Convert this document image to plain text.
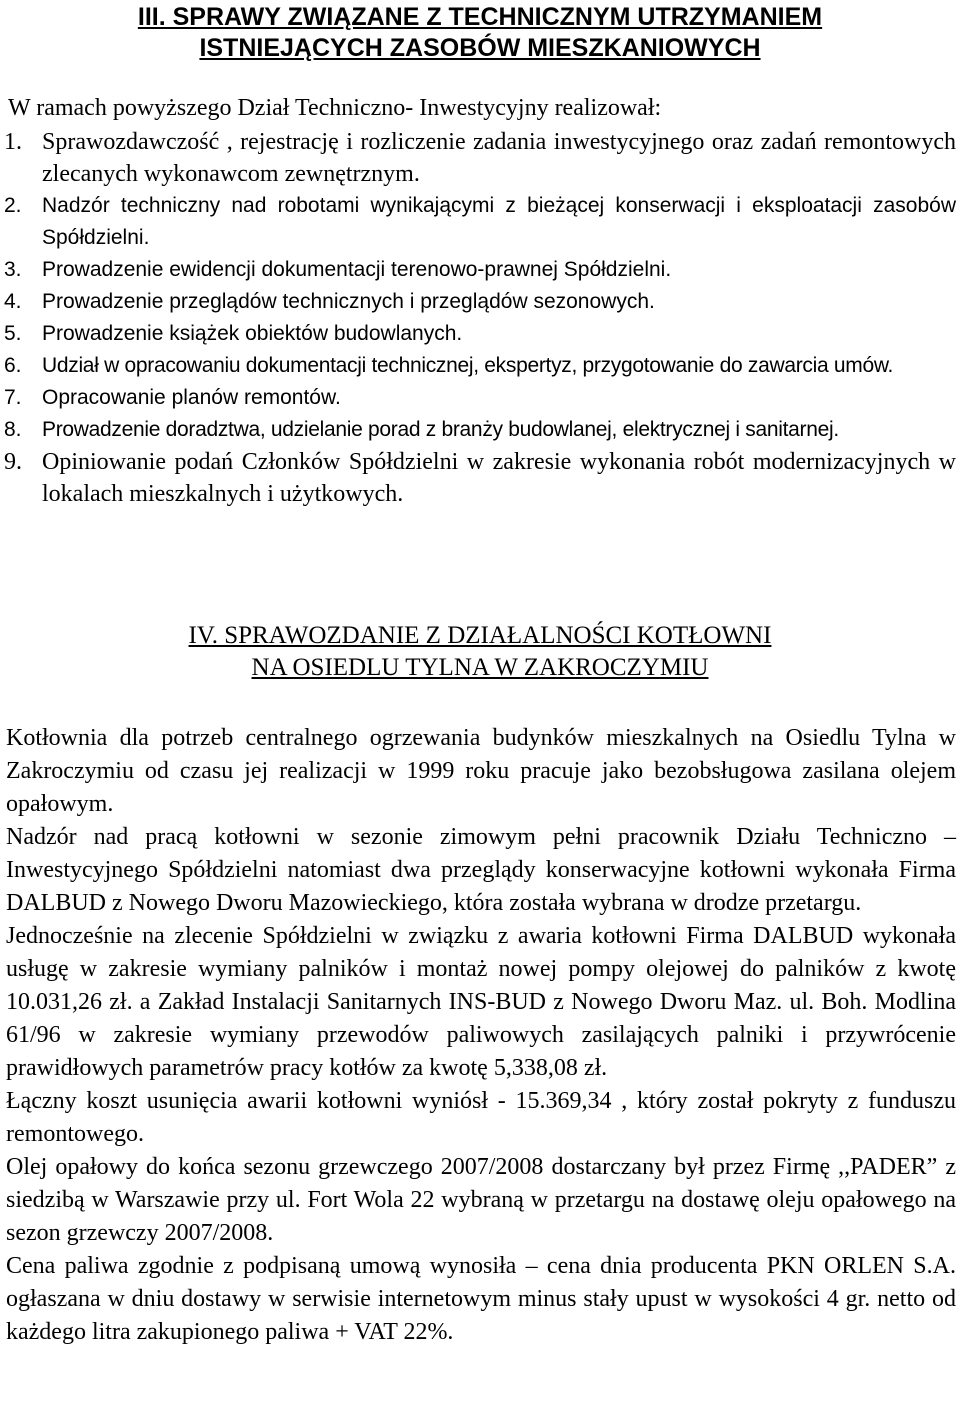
III. SPRAWY ZWIĄZANE Z TECHNICZNYM UTRZYMANIEM
ISTNIEJĄCYCH ZASOBÓW MIESZKANIOWYCH
W ramach powyższego Dział Techniczno- Inwestycyjny realizował:
1. Sprawozdawczość , rejestrację i rozliczenie zadania inwestycyjnego oraz zadań remontowych zlecanych wykonawcom zewnętrznym.
2. Nadzór techniczny nad robotami wynikającymi z bieżącej konserwacji i eksploatacji zasobów Spółdzielni.
3. Prowadzenie ewidencji dokumentacji terenowo-prawnej Spółdzielni.
4. Prowadzenie przeglądów technicznych i przeglądów sezonowych.
5. Prowadzenie książek obiektów budowlanych.
6. Udział w opracowaniu dokumentacji technicznej, ekspertyz, przygotowanie do zawarcia umów.
7. Opracowanie planów remontów.
8. Prowadzenie doradztwa, udzielanie porad z branży budowlanej, elektrycznej i sanitarnej.
9. Opiniowanie podań Członków Spółdzielni w zakresie wykonania robót modernizacyjnych w lokalach mieszkalnych i użytkowych.
IV. SPRAWOZDANIE Z DZIAŁALNOŚCI KOTŁOWNI
NA OSIEDLU TYLNA W ZAKROCZYMIU

Kotłownia dla potrzeb centralnego ogrzewania budynków mieszkalnych na Osiedlu Tylna w Zakroczymiu od czasu jej realizacji w 1999 roku pracuje jako bezobsługowa zasilana olejem opałowym.

Nadzór nad pracą kotłowni w sezonie zimowym pełni pracownik Działu Techniczno – Inwestycyjnego Spółdzielni natomiast dwa przeglądy konserwacyjne kotłowni wykonała Firma DALBUD z Nowego Dworu Mazowieckiego, która została wybrana w drodze przetargu.

Jednocześnie na zlecenie Spółdzielni w związku z awaria kotłowni Firma DALBUD wykonała usługę w zakresie wymiany palników i montaż nowej pompy olejowej do palników z kwotę 10.031,26 zł. a Zakład Instalacji Sanitarnych INS-BUD z Nowego Dworu Maz. ul. Boh. Modlina 61/96 w zakresie wymiany przewodów paliwowych zasilających palniki i przywrócenie prawidłowych parametrów pracy kotłów za kwotę 5,338,08 zł.

Łączny koszt usunięcia awarii kotłowni wyniósł - 15.369,34 , który został pokryty z funduszu remontowego.

Olej opałowy do końca sezonu grzewczego 2007/2008 dostarczany był przez Firmę ,,PADER” z siedzibą w Warszawie przy ul. Fort Wola 22 wybraną w przetargu na dostawę oleju opałowego na sezon grzewczy 2007/2008.

Cena paliwa zgodnie z podpisaną umową wynosiła – cena dnia producenta PKN ORLEN S.A. ogłaszana w dniu dostawy w serwisie internetowym minus stały upust w wysokości 4 gr. netto od każdego litra zakupionego paliwa + VAT 22%.
